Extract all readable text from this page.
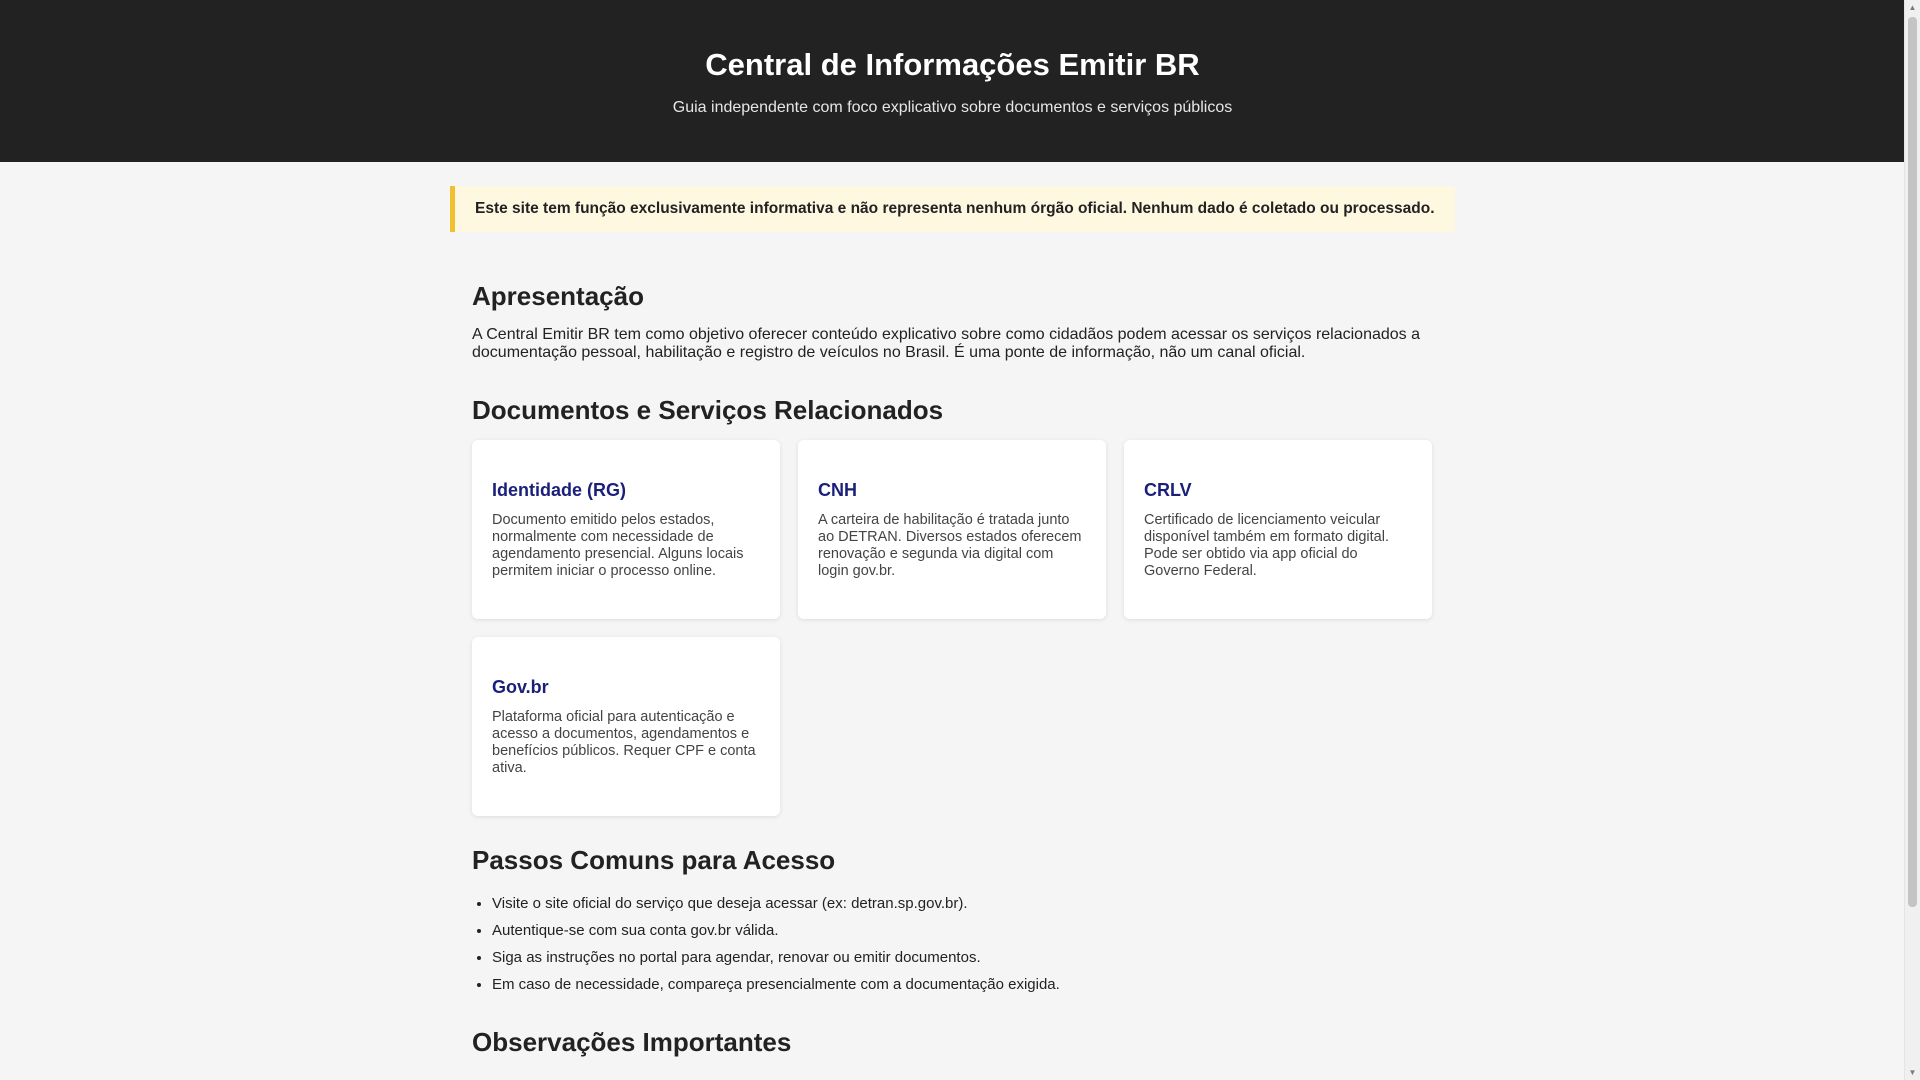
Central de Informações Emitir BR

Guia independente com foco explicativo sobre documentos e serviços públicos

Este site tem função exclusivamente informativa e não representa nenhum órgão oficial. Nenhum dado é coletado ou processado.
Apresentação

A Central Emitir BR tem como objetivo oferecer conteúdo explicativo sobre como cidadãos podem acessar os serviços relacionados a documentação pessoal, habilitação e registro de veículos no Brasil. É uma ponte de informação, não um canal oficial.

Documentos e Serviços Relacionados
Identidade (RG)

Documento emitido pelos estados, normalmente com necessidade de agendamento presencial. Alguns locais permitem iniciar o processo online.

CNH

A carteira de habilitação é tratada junto ao DETRAN. Diversos estados oferecem renovação e segunda via digital com login gov.br.

CRLV

Certificado de licenciamento veicular disponível também em formato digital. Pode ser obtido via app oficial do Governo Federal.

Gov.br

Plataforma oficial para autenticação e acesso a documentos, agendamentos e benefícios públicos. Requer CPF e conta ativa.

Passos Comuns para Acesso
• Visite o site oficial do serviço que deseja acessar (ex: detran.sp.gov.br).
• Autentique-se com sua conta gov.br válida.
• Siga as instruções no portal para agendar, renovar ou emitir documentos.
• Em caso de necessidade, compareça presencialmente com a documentação exigida.
Observações Importantes
▲
▼
